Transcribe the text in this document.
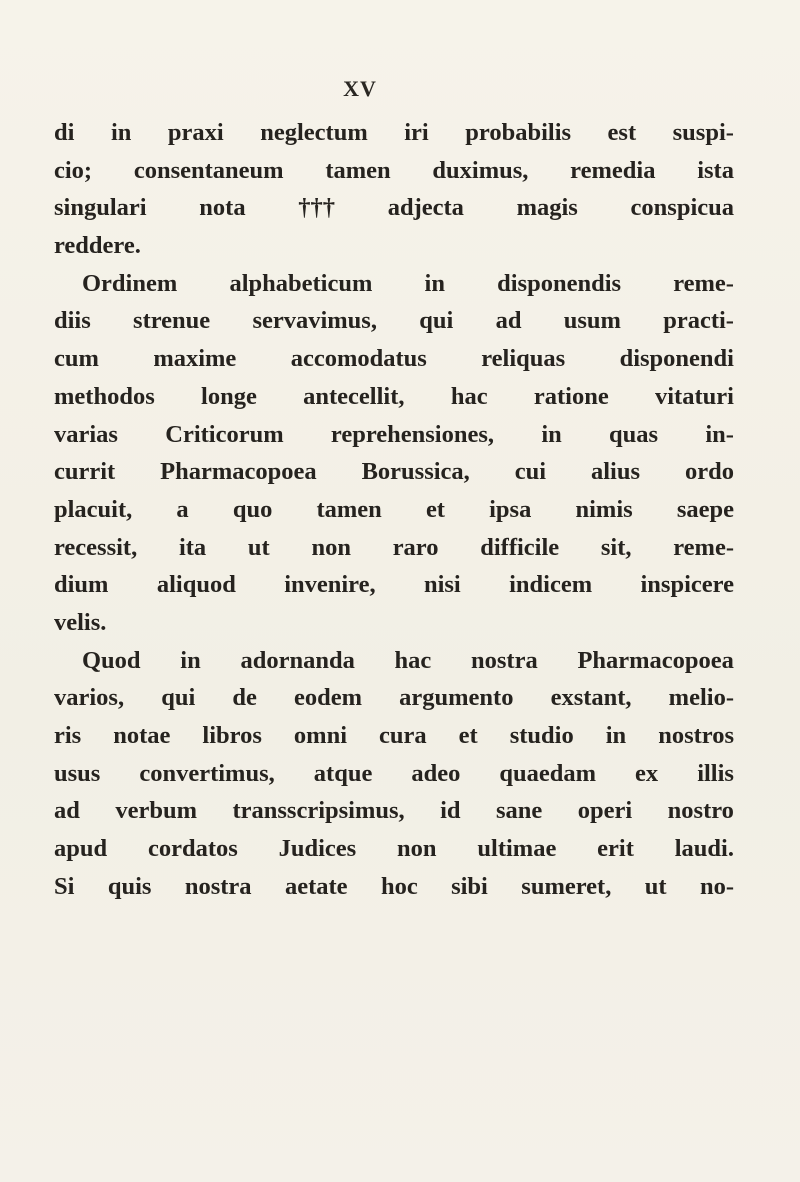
XV
di in praxi neglectum iri probabilis est suspi-
cio; consentaneum tamen duximus, remedia ista
singulari nota ††† adjecta magis conspicua
reddere.
Ordinem alphabeticum in disponendis reme-
diis strenue servavimus, qui ad usum practi-
cum maxime accomodatus reliquas disponendi
methodos longe antecellit, hac ratione vitaturi
varias Criticorum reprehensiones, in quas in-
currit Pharmacopoea Borussica, cui alius ordo
placuit, a quo tamen et ipsa nimis saepe
recessit, ita ut non raro difficile sit, reme-
dium aliquod invenire, nisi indicem inspicere
velis.
Quod in adornanda hac nostra Pharmacopoea
varios, qui de eodem argumento exstant, melio-
ris notae libros omni cura et studio in nostros
usus convertimus, atque adeo quaedam ex illis
ad verbum transscripsimus, id sane operi nostro
apud cordatos Judices non ultimae erit laudi.
Si quis nostra aetate hoc sibi sumeret, ut no-
